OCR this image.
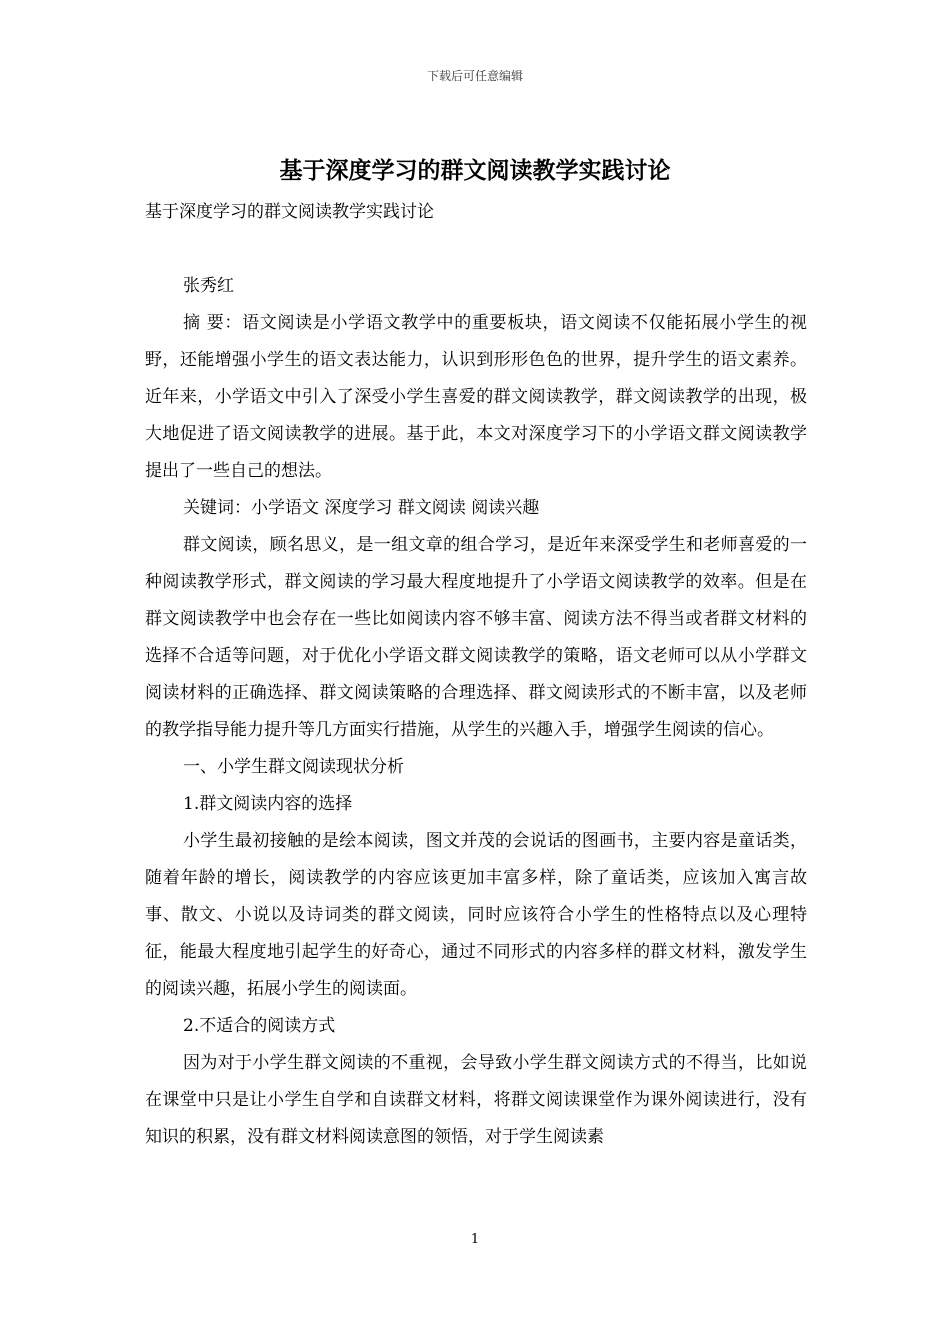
下载后可任意编辑
基于深度学习的群文阅读教学实践讨论

基于深度学习的群文阅读教学实践讨论

张秀红

摘 要：语文阅读是小学语文教学中的重要板块，语文阅读不仅能拓展小学生的视野，还能增强小学生的语文表达能力，认识到形形色色的世界，提升学生的语文素养。近年来，小学语文中引入了深受小学生喜爱的群文阅读教学，群文阅读教学的出现，极大地促进了语文阅读教学的进展。基于此，本文对深度学习下的小学语文群文阅读教学提出了一些自己的想法。

关键词：小学语文 深度学习 群文阅读 阅读兴趣

群文阅读，顾名思义，是一组文章的组合学习，是近年来深受学生和老师喜爱的一种阅读教学形式，群文阅读的学习最大程度地提升了小学语文阅读教学的效率。但是在群文阅读教学中也会存在一些比如阅读内容不够丰富、阅读方法不得当或者群文材料的选择不合适等问题，对于优化小学语文群文阅读教学的策略，语文老师可以从小学群文阅读材料的正确选择、群文阅读策略的合理选择、群文阅读形式的不断丰富，以及老师的教学指导能力提升等几方面实行措施，从学生的兴趣入手，增强学生阅读的信心。

一、小学生群文阅读现状分析

1.群文阅读内容的选择

小学生最初接触的是绘本阅读，图文并茂的会说话的图画书，主要内容是童话类，随着年龄的增长，阅读教学的内容应该更加丰富多样，除了童话类，应该加入寓言故事、散文、小说以及诗词类的群文阅读，同时应该符合小学生的性格特点以及心理特征，能最大程度地引起学生的好奇心，通过不同形式的内容多样的群文材料，激发学生的阅读兴趣，拓展小学生的阅读面。

2.不适合的阅读方式

因为对于小学生群文阅读的不重视，会导致小学生群文阅读方式的不得当，比如说在课堂中只是让小学生自学和自读群文材料，将群文阅读课堂作为课外阅读进行，没有知识的积累，没有群文材料阅读意图的领悟，对于学生阅读素

1
